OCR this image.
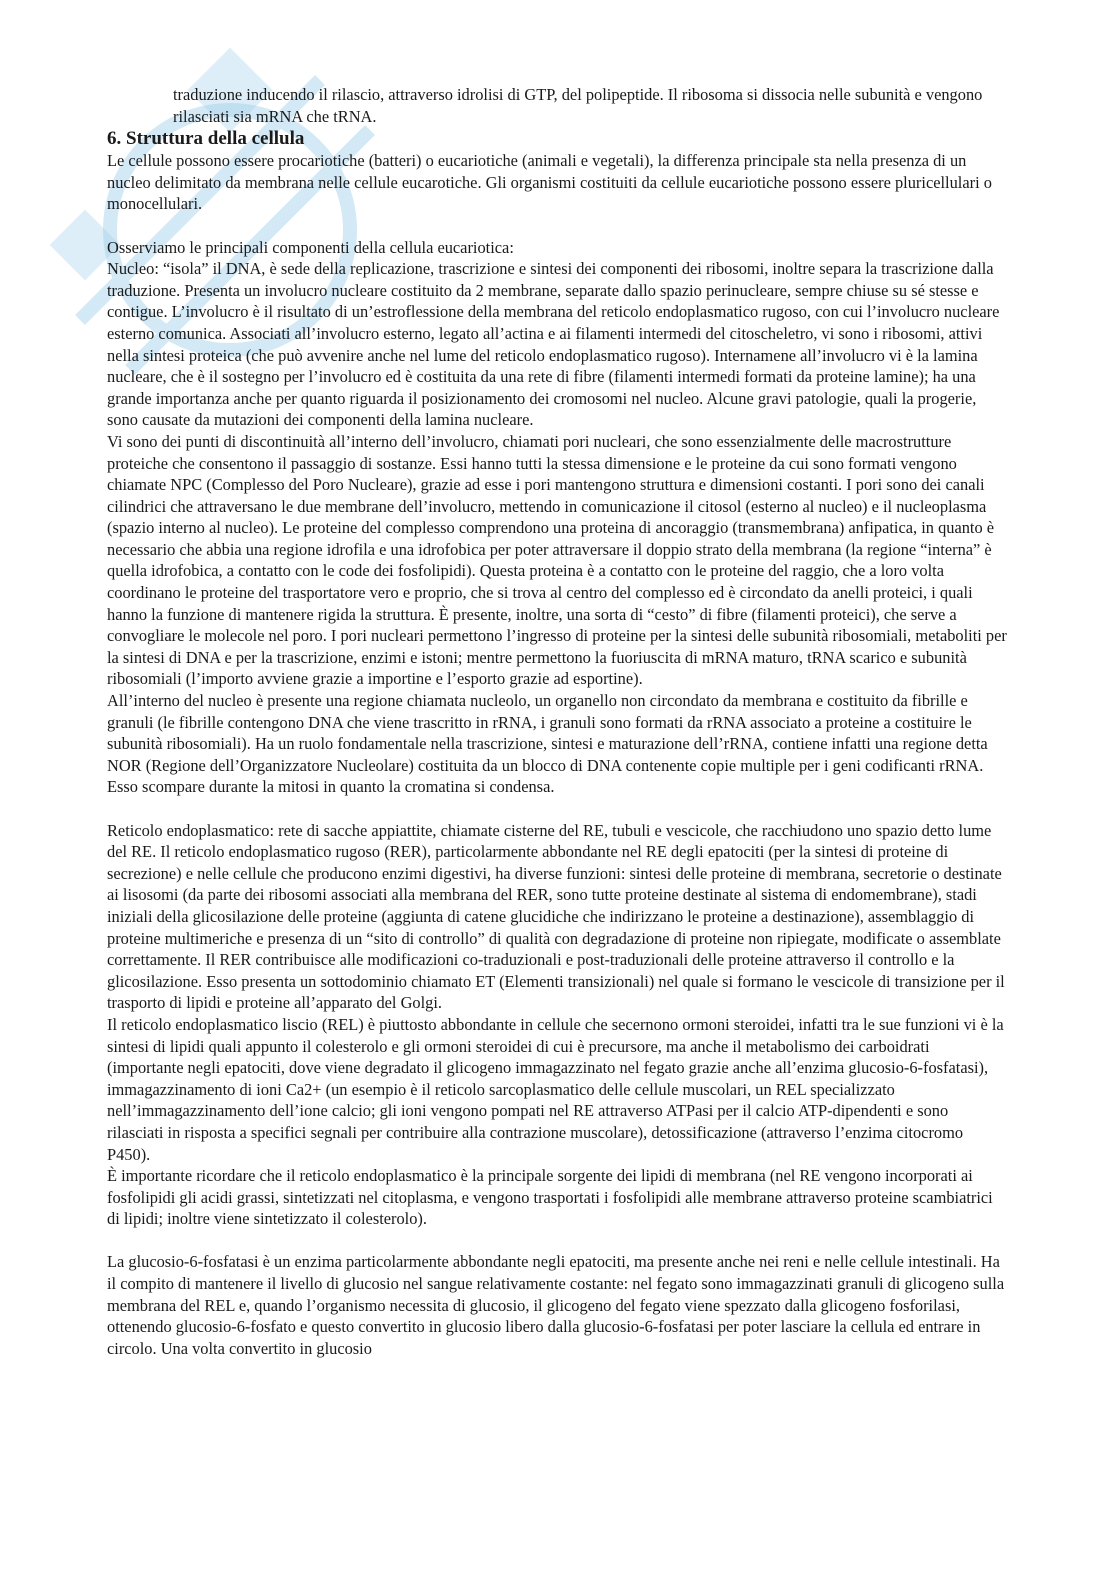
traduzione inducendo il rilascio, attraverso idrolisi di GTP, del polipeptide. Il ribosoma si dissocia nelle subunità e vengono rilasciati sia mRNA che tRNA.

6. Struttura della cellula

Le cellule possono essere procariotiche (batteri) o eucariotiche (animali e vegetali), la differenza principale sta nella presenza di un nucleo delimitato da membrana nelle cellule eucarotiche. Gli organismi costituiti da cellule eucariotiche possono essere pluricellulari o monocellulari.

Osserviamo le principali componenti della cellula eucariotica:

Nucleo: “isola” il DNA, è sede della replicazione, trascrizione e sintesi dei componenti dei ribosomi, inoltre separa la trascrizione dalla traduzione. Presenta un involucro nucleare costituito da 2 membrane, separate dallo spazio perinucleare, sempre chiuse su sé stesse e contigue. L’involucro è il risultato di un’estroflessione della membrana del reticolo endoplasmatico rugoso, con cui l’involucro nucleare esterno comunica. Associati all’involucro esterno, legato all’actina e ai filamenti intermedi del citoscheletro, vi sono i ribosomi, attivi nella sintesi proteica (che può avvenire anche nel lume del reticolo endoplasmatico rugoso). Internamene all’involucro vi è la lamina nucleare, che è il sostegno per l’involucro ed è costituita da una rete di fibre (filamenti intermedi formati da proteine lamine); ha una grande importanza anche per quanto riguarda il posizionamento dei cromosomi nel nucleo. Alcune gravi patologie, quali la progerie, sono causate da mutazioni dei componenti della lamina nucleare.

Vi sono dei punti di discontinuità all’interno dell’involucro, chiamati pori nucleari, che sono essenzialmente delle macrostrutture proteiche che consentono il passaggio di sostanze. Essi hanno tutti la stessa dimensione e le proteine da cui sono formati vengono chiamate NPC (Complesso del Poro Nucleare), grazie ad esse i pori mantengono struttura e dimensioni costanti. I pori sono dei canali cilindrici che attraversano le due membrane dell’involucro, mettendo in comunicazione il citosol (esterno al nucleo) e il nucleoplasma (spazio interno al nucleo). Le proteine del complesso comprendono una proteina di ancoraggio (transmembrana) anfipatica, in quanto è necessario che abbia una regione idrofila e una idrofobica per poter attraversare il doppio strato della membrana (la regione “interna” è quella idrofobica, a contatto con le code dei fosfolipidi). Questa proteina è a contatto con le proteine del raggio, che a loro volta coordinano le proteine del trasportatore vero e proprio, che si trova al centro del complesso ed è circondato da anelli proteici, i quali hanno la funzione di mantenere rigida la struttura. È presente, inoltre, una sorta di “cesto” di fibre (filamenti proteici), che serve a convogliare le molecole nel poro. I pori nucleari permettono l’ingresso di proteine per la sintesi delle subunità ribosomiali, metaboliti per la sintesi di DNA e per la trascrizione, enzimi e istoni; mentre permettono la fuoriuscita di mRNA maturo, tRNA scarico e subunità ribosomiali (l’importo avviene grazie a importine e l’esporto grazie ad esportine).

All’interno del nucleo è presente una regione chiamata nucleolo, un organello non circondato da membrana e costituito da fibrille e granuli (le fibrille contengono DNA che viene trascritto in rRNA, i granuli sono formati da rRNA associato a proteine a costituire le subunità ribosomiali). Ha un ruolo fondamentale nella trascrizione, sintesi e maturazione dell’rRNA, contiene infatti una regione detta NOR (Regione dell’Organizzatore Nucleolare) costituita da un blocco di DNA contenente copie multiple per i geni codificanti rRNA. Esso scompare durante la mitosi in quanto la cromatina si condensa.

Reticolo endoplasmatico: rete di sacche appiattite, chiamate cisterne del RE, tubuli e vescicole, che racchiudono uno spazio detto lume del RE. Il reticolo endoplasmatico rugoso (RER), particolarmente abbondante nel RE degli epatociti (per la sintesi di proteine di secrezione) e nelle cellule che producono enzimi digestivi, ha diverse funzioni: sintesi delle proteine di membrana, secretorie o destinate ai lisosomi (da parte dei ribosomi associati alla membrana del RER, sono tutte proteine destinate al sistema di endomembrane), stadi iniziali della glicosilazione delle proteine (aggiunta di catene glucidiche che indirizzano le proteine a destinazione), assemblaggio di proteine multimeriche e presenza di un “sito di controllo” di qualità con degradazione di proteine non ripiegate, modificate o assemblate correttamente. Il RER contribuisce alle modificazioni co-traduzionali e post-traduzionali delle proteine attraverso il controllo e la glicosilazione. Esso presenta un sottodominio chiamato ET (Elementi transizionali) nel quale si formano le vescicole di transizione per il trasporto di lipidi e proteine all’apparato del Golgi.

Il reticolo endoplasmatico liscio (REL) è piuttosto abbondante in cellule che secernono ormoni steroidei, infatti tra le sue funzioni vi è la sintesi di lipidi quali appunto il colesterolo e gli ormoni steroidei di cui è precursore, ma anche il metabolismo dei carboidrati (importante negli epatociti, dove viene degradato il glicogeno immagazzinato nel fegato grazie anche all’enzima glucosio-6-fosfatasi), immagazzinamento di ioni Ca2+ (un esempio è il reticolo sarcoplasmatico delle cellule muscolari, un REL specializzato nell’immagazzinamento dell’ione calcio; gli ioni vengono pompati nel RE attraverso ATPasi per il calcio ATP-dipendenti e sono rilasciati in risposta a specifici segnali per contribuire alla contrazione muscolare), detossificazione (attraverso l’enzima citocromo P450).

È importante ricordare che il reticolo endoplasmatico è la principale sorgente dei lipidi di membrana (nel RE vengono incorporati ai fosfolipidi gli acidi grassi, sintetizzati nel citoplasma, e vengono trasportati i fosfolipidi alle membrane attraverso proteine scambiatrici di lipidi; inoltre viene sintetizzato il colesterolo).

La glucosio-6-fosfatasi è un enzima particolarmente abbondante negli epatociti, ma presente anche nei reni e nelle cellule intestinali. Ha il compito di mantenere il livello di glucosio nel sangue relativamente costante: nel fegato sono immagazzinati granuli di glicogeno sulla membrana del REL e, quando l’organismo necessita di glucosio, il glicogeno del fegato viene spezzato dalla glicogeno fosforilasi, ottenendo glucosio-6-fosfato e questo convertito in glucosio libero dalla glucosio-6-fosfatasi per poter lasciare la cellula ed entrare in circolo. Una volta convertito in glucosio
